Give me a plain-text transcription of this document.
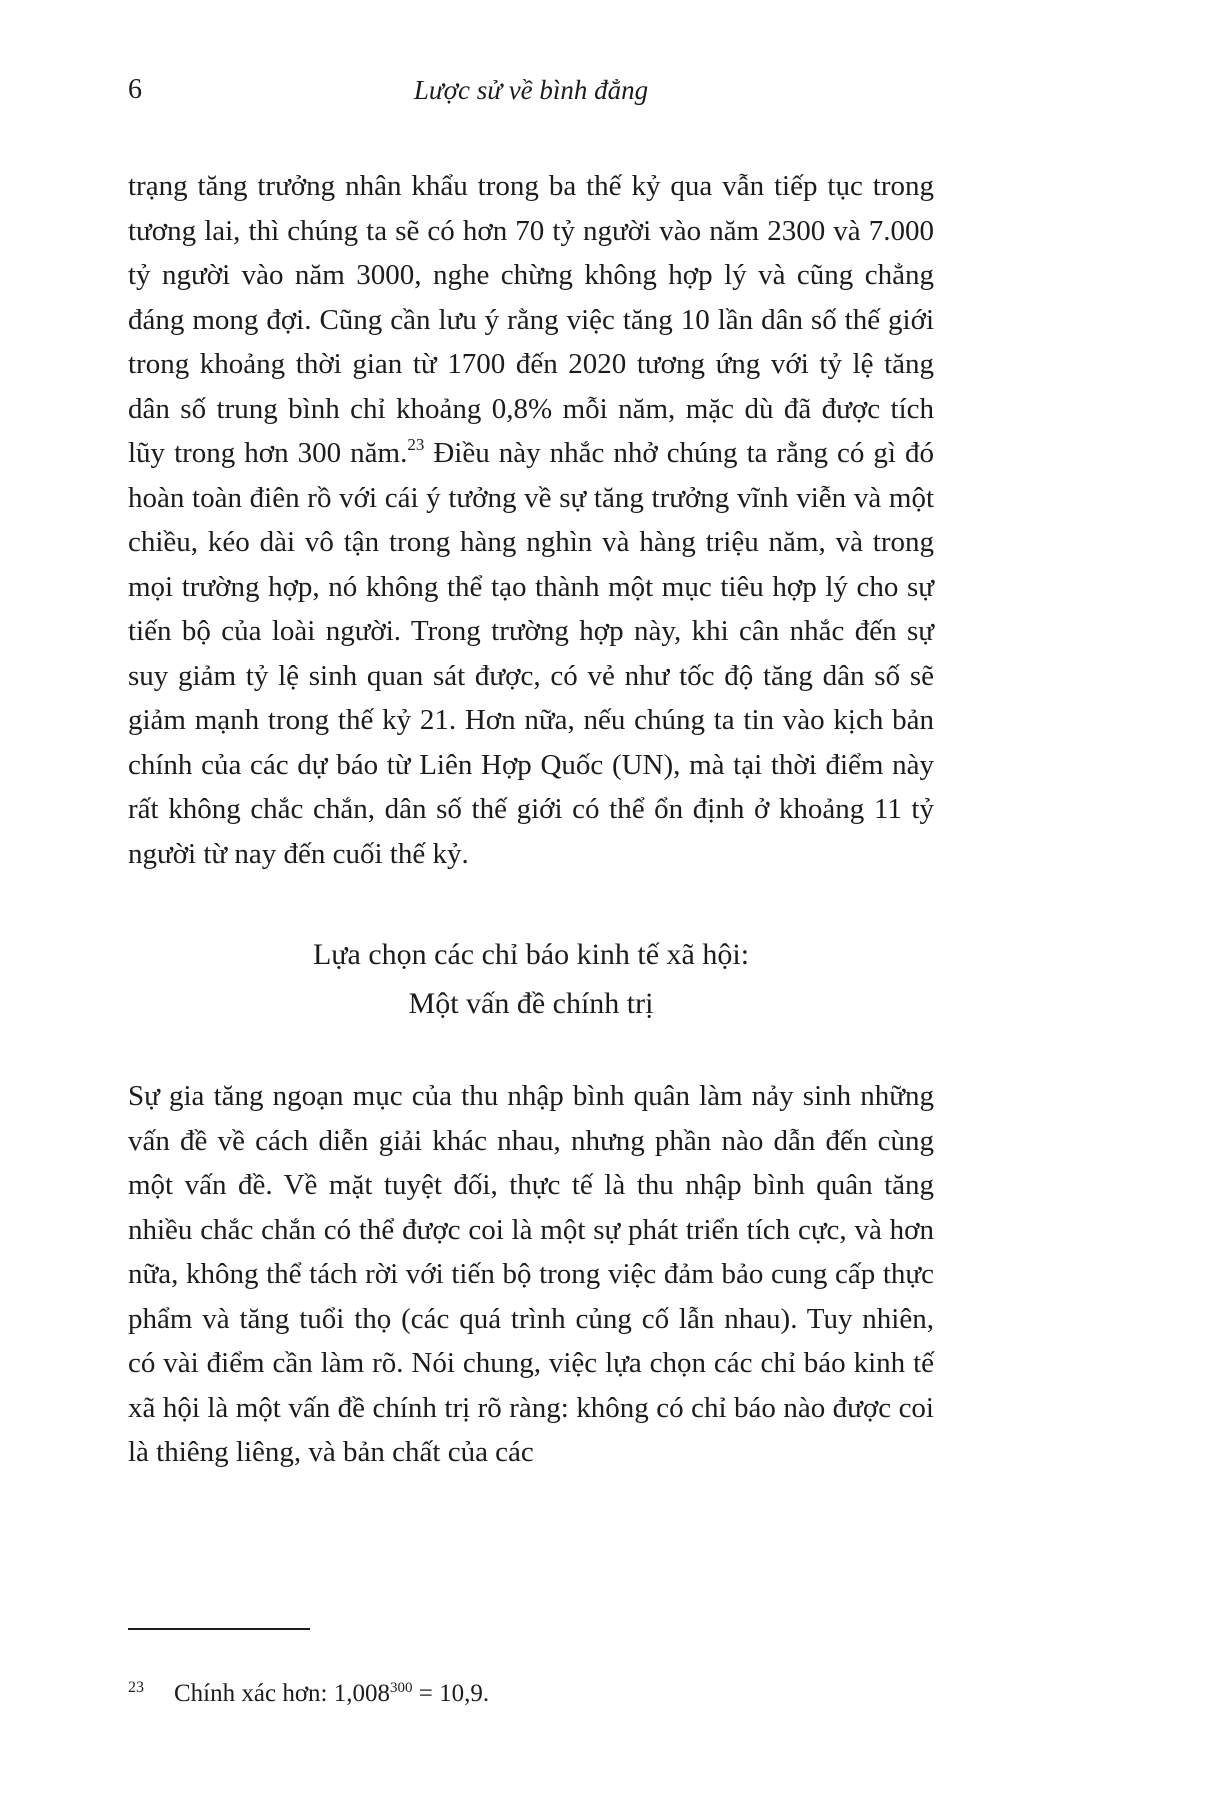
6	Lược sử về bình đẳng

trạng tăng trưởng nhân khẩu trong ba thế kỷ qua vẫn tiếp tục trong tương lai, thì chúng ta sẽ có hơn 70 tỷ người vào năm 2300 và 7.000 tỷ người vào năm 3000, nghe chừng không hợp lý và cũng chẳng đáng mong đợi. Cũng cần lưu ý rằng việc tăng 10 lần dân số thế giới trong khoảng thời gian từ 1700 đến 2020 tương ứng với tỷ lệ tăng dân số trung bình chỉ khoảng 0,8% mỗi năm, mặc dù đã được tích lũy trong hơn 300 năm.$^{23}$ Điều này nhắc nhở chúng ta rằng có gì đó hoàn toàn điên rồ với cái ý tưởng về sự tăng trưởng vĩnh viễn và một chiều, kéo dài vô tận trong hàng nghìn và hàng triệu năm, và trong mọi trường hợp, nó không thể tạo thành một mục tiêu hợp lý cho sự tiến bộ của loài người. Trong trường hợp này, khi cân nhắc đến sự suy giảm tỷ lệ sinh quan sát được, có vẻ như tốc độ tăng dân số sẽ giảm mạnh trong thế kỷ 21. Hơn nữa, nếu chúng ta tin vào kịch bản chính của các dự báo từ Liên Hợp Quốc (UN), mà tại thời điểm này rất không chắc chắn, dân số thế giới có thể ổn định ở khoảng 11 tỷ người từ nay đến cuối thế kỷ.

Lựa chọn các chỉ báo kinh tế xã hội:
Một vấn đề chính trị

Sự gia tăng ngoạn mục của thu nhập bình quân làm nảy sinh những vấn đề về cách diễn giải khác nhau, nhưng phần nào dẫn đến cùng một vấn đề. Về mặt tuyệt đối, thực tế là thu nhập bình quân tăng nhiều chắc chắn có thể được coi là một sự phát triển tích cực, và hơn nữa, không thể tách rời với tiến bộ trong việc đảm bảo cung cấp thực phẩm và tăng tuổi thọ (các quá trình củng cố lẫn nhau). Tuy nhiên, có vài điểm cần làm rõ. Nói chung, việc lựa chọn các chỉ báo kinh tế xã hội là một vấn đề chính trị rõ ràng: không có chỉ báo nào được coi là thiêng liêng, và bản chất của các

$^{23}$ Chính xác hơn: 1,008$^{300}$ = 10,9.
